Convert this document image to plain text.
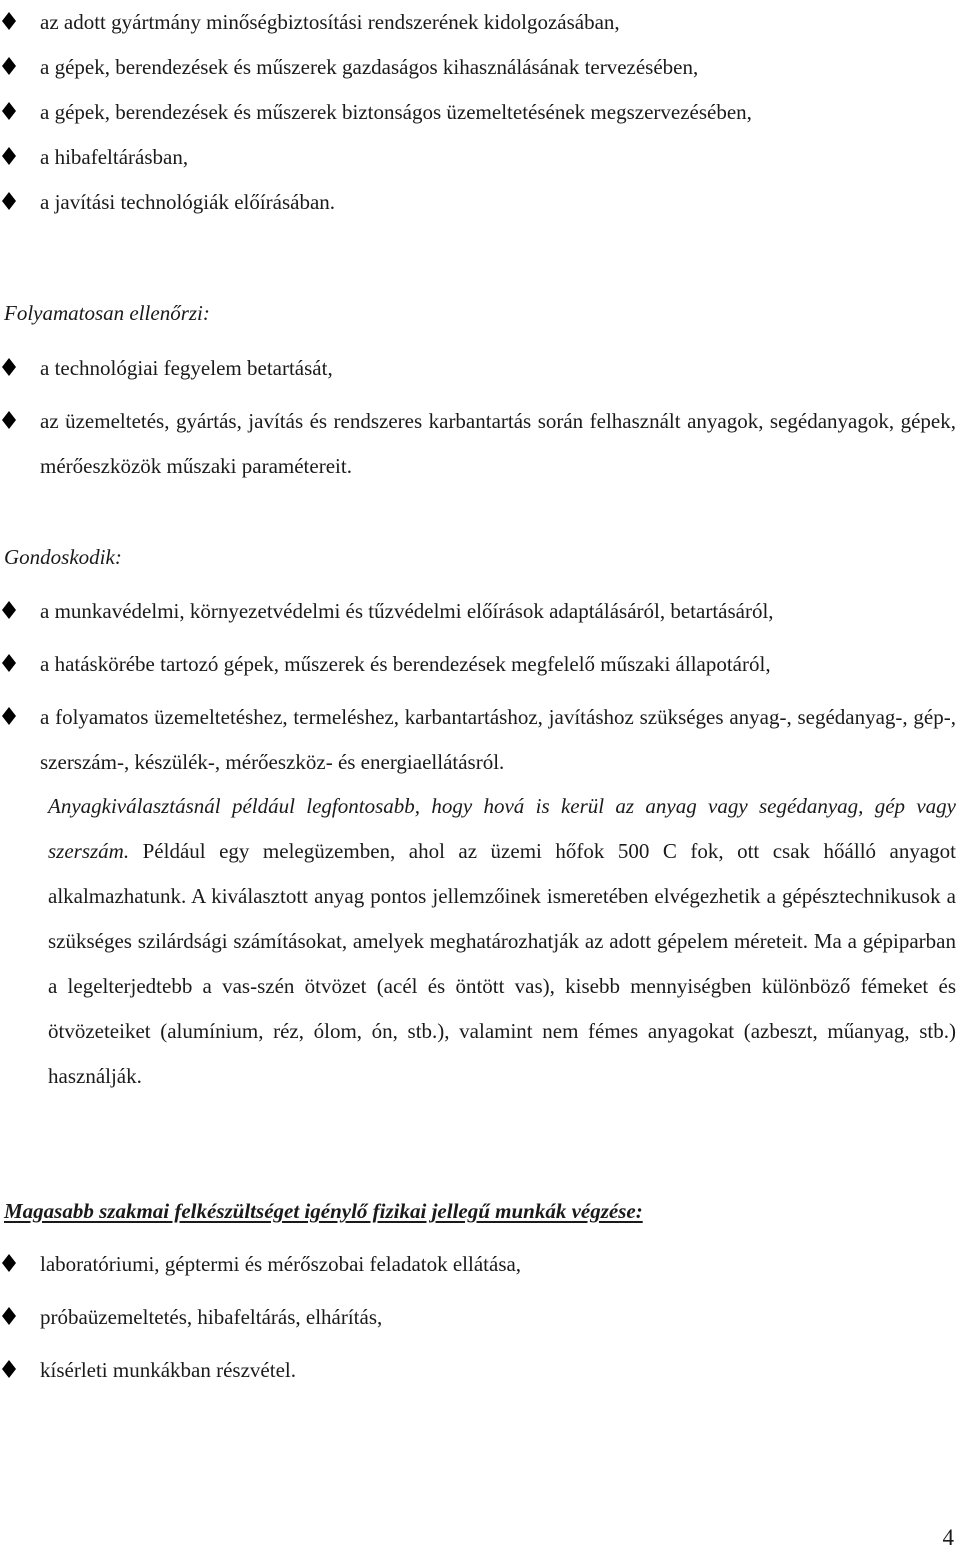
az adott gyártmány minőségbiztosítási rendszerének kidolgozásában,
a gépek, berendezések és műszerek gazdaságos kihasználásának tervezésében,
a gépek, berendezések és műszerek biztonságos üzemeltetésének megszervezésében,
a hibafeltárásban,
a javítási technológiák előírásában.
Folyamatosan ellenőrzi:
a technológiai fegyelem betartását,
az üzemeltetés, gyártás, javítás és rendszeres karbantartás során felhasznált anyagok, segédanyagok, gépek, mérőeszközök műszaki paramétereit.
Gondoskodik:
a munkavédelmi, környezetvédelmi és tűzvédelmi előírások adaptálásáról, betartásáról,
a hatáskörébe tartozó gépek, műszerek és berendezések megfelelő műszaki állapotáról,
a folyamatos üzemeltetéshez, termeléshez, karbantartáshoz, javításhoz szükséges anyag-, segédanyag-, gép-, szerszám-, készülék-, mérőeszköz- és energiaellátásról.
Anyagkiválasztásnál például legfontosabb, hogy hová is kerül az anyag vagy segédanyag, gép vagy szerszám. Például egy melegüzemben, ahol az üzemi hőfok 500 C fok, ott csak hőálló anyagot alkalmazhatunk. A kiválasztott anyag pontos jellemzőinek ismeretében elvégezhetik a gépésztechnikusok a szükséges szilárdsági számításokat, amelyek meghatározhatják az adott gépelem méreteit. Ma a gépiparban a legelterjedtebb a vas-szén ötvözet (acél és öntött vas), kisebb mennyiségben különböző fémeket és ötvözeteiket (alumínium, réz, ólom, ón, stb.), valamint nem fémes anyagokat (azbeszt, műanyag, stb.) használják.
Magasabb szakmai felkészültséget igénylő fizikai jellegű munkák végzése:
laboratóriumi, géptermi és mérőszobai feladatok ellátása,
próbaüzemeltetés, hibafeltárás, elhárítás,
kísérleti munkákban részvétel.
4
